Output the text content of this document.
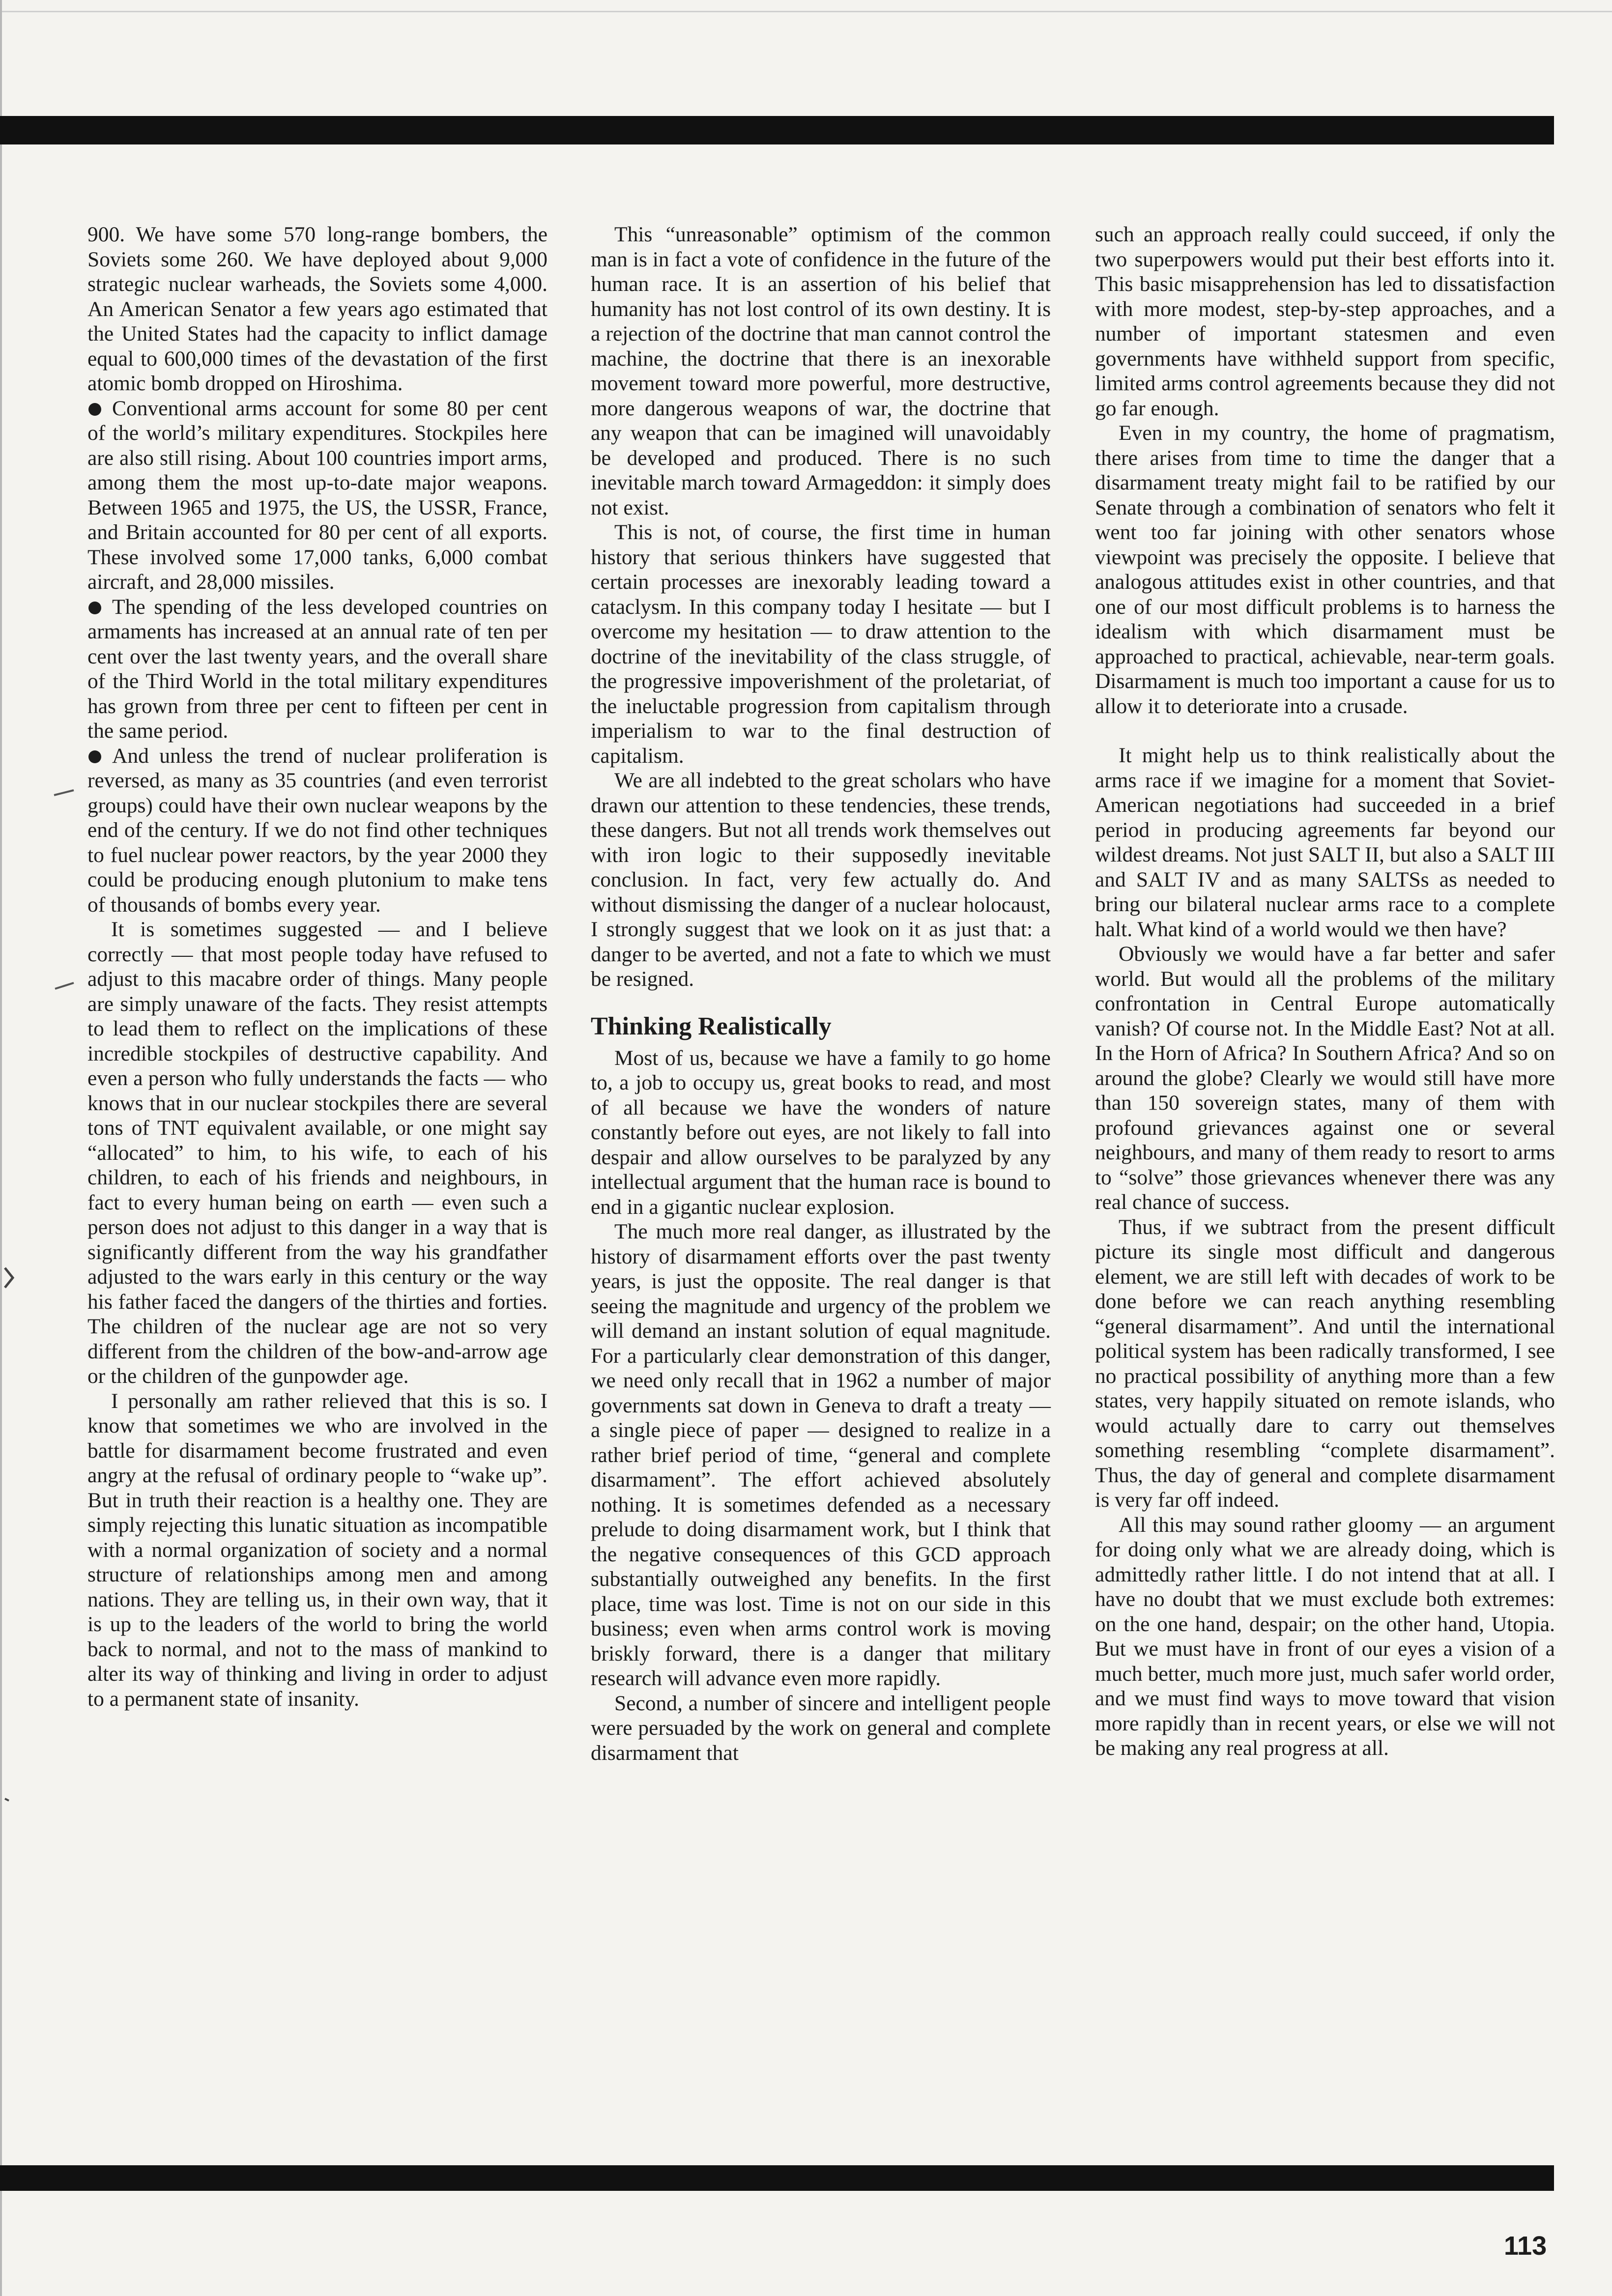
900. We have some 570 long-range bombers, the Soviets some 260. We have deployed about 9,000 strategic nuclear warheads, the Soviets some 4,000. An American Senator a few years ago estimated that the United States had the capacity to inflict damage equal to 600,000 times of the devastation of the first atomic bomb dropped on Hiroshima.

Conventional arms account for some 80 per cent of the world’s military expenditures. Stockpiles here are also still rising. About 100 countries import arms, among them the most up-to-date major weapons. Between 1965 and 1975, the US, the USSR, France, and Britain accounted for 80 per cent of all exports. These involved some 17,000 tanks, 6,000 combat aircraft, and 28,000 missiles.

The spending of the less developed countries on armaments has increased at an annual rate of ten per cent over the last twenty years, and the overall share of the Third World in the total military expenditures has grown from three per cent to fifteen per cent in the same period.

And unless the trend of nuclear proliferation is reversed, as many as 35 countries (and even terrorist groups) could have their own nuclear weapons by the end of the century. If we do not find other techniques to fuel nuclear power reactors, by the year 2000 they could be producing enough plutonium to make tens of thousands of bombs every year.

It is sometimes suggested — and I believe correctly — that most people today have refused to adjust to this macabre order of things. Many people are simply unaware of the facts. They resist attempts to lead them to reflect on the implications of these incredible stockpiles of destructive capability. And even a person who fully understands the facts — who knows that in our nuclear stockpiles there are several tons of TNT equivalent available, or one might say “allocated” to him, to his wife, to each of his children, to each of his friends and neighbours, in fact to every human being on earth — even such a person does not adjust to this danger in a way that is significantly different from the way his grandfather adjusted to the wars early in this century or the way his father faced the dangers of the thirties and forties. The children of the nuclear age are not so very different from the children of the bow-and-arrow age or the children of the gunpowder age.

I personally am rather relieved that this is so. I know that sometimes we who are involved in the battle for disarmament become frustrated and even angry at the refusal of ordinary people to “wake up”. But in truth their reaction is a healthy one. They are simply rejecting this lunatic situation as incompatible with a normal organization of society and a normal structure of relationships among men and among nations. They are telling us, in their own way, that it is up to the leaders of the world to bring the world back to normal, and not to the mass of mankind to alter its way of thinking and living in order to adjust to a permanent state of insanity.

This “unreasonable” optimism of the common man is in fact a vote of confidence in the future of the human race. It is an assertion of his belief that humanity has not lost control of its own destiny. It is a rejection of the doctrine that man cannot control the machine, the doctrine that there is an inexorable movement toward more powerful, more destructive, more dangerous weapons of war, the doctrine that any weapon that can be imagined will unavoidably be developed and produced. There is no such inevitable march toward Armageddon: it simply does not exist.

This is not, of course, the first time in human history that serious thinkers have suggested that certain processes are inexorably leading toward a cataclysm. In this company today I hesitate — but I overcome my hesitation — to draw attention to the doctrine of the inevitability of the class struggle, of the progressive impoverishment of the proletariat, of the ineluctable progression from capitalism through imperialism to war to the final destruction of capitalism.

We are all indebted to the great scholars who have drawn our attention to these tendencies, these trends, these dangers. But not all trends work themselves out with iron logic to their supposedly inevitable conclusion. In fact, very few actually do. And without dismissing the danger of a nuclear holocaust, I strongly suggest that we look on it as just that: a danger to be averted, and not a fate to which we must be resigned.

Thinking Realistically

Most of us, because we have a family to go home to, a job to occupy us, great books to read, and most of all because we have the wonders of nature constantly before out eyes, are not likely to fall into despair and allow ourselves to be paralyzed by any intellectual argument that the human race is bound to end in a gigantic nuclear explosion.

The much more real danger, as illustrated by the history of disarmament efforts over the past twenty years, is just the opposite. The real danger is that seeing the magnitude and urgency of the problem we will demand an instant solution of equal magnitude. For a particularly clear demonstration of this danger, we need only recall that in 1962 a number of major governments sat down in Geneva to draft a treaty — a single piece of paper — designed to realize in a rather brief period of time, “general and complete disarmament”. The effort achieved absolutely nothing. It is sometimes defended as a necessary prelude to doing disarmament work, but I think that the negative consequences of this GCD approach substantially outweighed any benefits. In the first place, time was lost. Time is not on our side in this business; even when arms control work is moving briskly forward, there is a danger that military research will advance even more rapidly.

Second, a number of sincere and intelligent people were persuaded by the work on general and complete disarmament that

such an approach really could succeed, if only the two superpowers would put their best efforts into it. This basic misapprehension has led to dissatisfaction with more modest, step-by-step approaches, and a number of important statesmen and even governments have withheld support from specific, limited arms control agreements because they did not go far enough.

Even in my country, the home of pragmatism, there arises from time to time the danger that a disarmament treaty might fail to be ratified by our Senate through a combination of senators who felt it went too far joining with other senators whose viewpoint was precisely the opposite. I believe that analogous attitudes exist in other countries, and that one of our most difficult problems is to harness the idealism with which disarmament must be approached to practical, achievable, near-term goals. Disarmament is much too important a cause for us to allow it to deteriorate into a crusade.

It might help us to think realistically about the arms race if we imagine for a moment that Soviet-American negotiations had succeeded in a brief period in producing agreements far beyond our wildest dreams. Not just SALT II, but also a SALT III and SALT IV and as many SALTSs as needed to bring our bilateral nuclear arms race to a complete halt. What kind of a world would we then have?

Obviously we would have a far better and safer world. But would all the problems of the military confrontation in Central Europe automatically vanish? Of course not. In the Middle East? Not at all. In the Horn of Africa? In Southern Africa? And so on around the globe? Clearly we would still have more than 150 sovereign states, many of them with profound grievances against one or several neighbours, and many of them ready to resort to arms to “solve” those grievances whenever there was any real chance of success.

Thus, if we subtract from the present difficult picture its single most difficult and dangerous element, we are still left with decades of work to be done before we can reach anything resembling “general disarmament”. And until the international political system has been radically transformed, I see no practical possibility of anything more than a few states, very happily situated on remote islands, who would actually dare to carry out themselves something resembling “complete disarmament”. Thus, the day of general and complete disarmament is very far off indeed.

All this may sound rather gloomy — an argument for doing only what we are already doing, which is admittedly rather little. I do not intend that at all. I have no doubt that we must exclude both extremes: on the one hand, despair; on the other hand, Utopia. But we must have in front of our eyes a vision of a much better, much more just, much safer world order, and we must find ways to move toward that vision more rapidly than in recent years, or else we will not be making any real progress at all.

113
